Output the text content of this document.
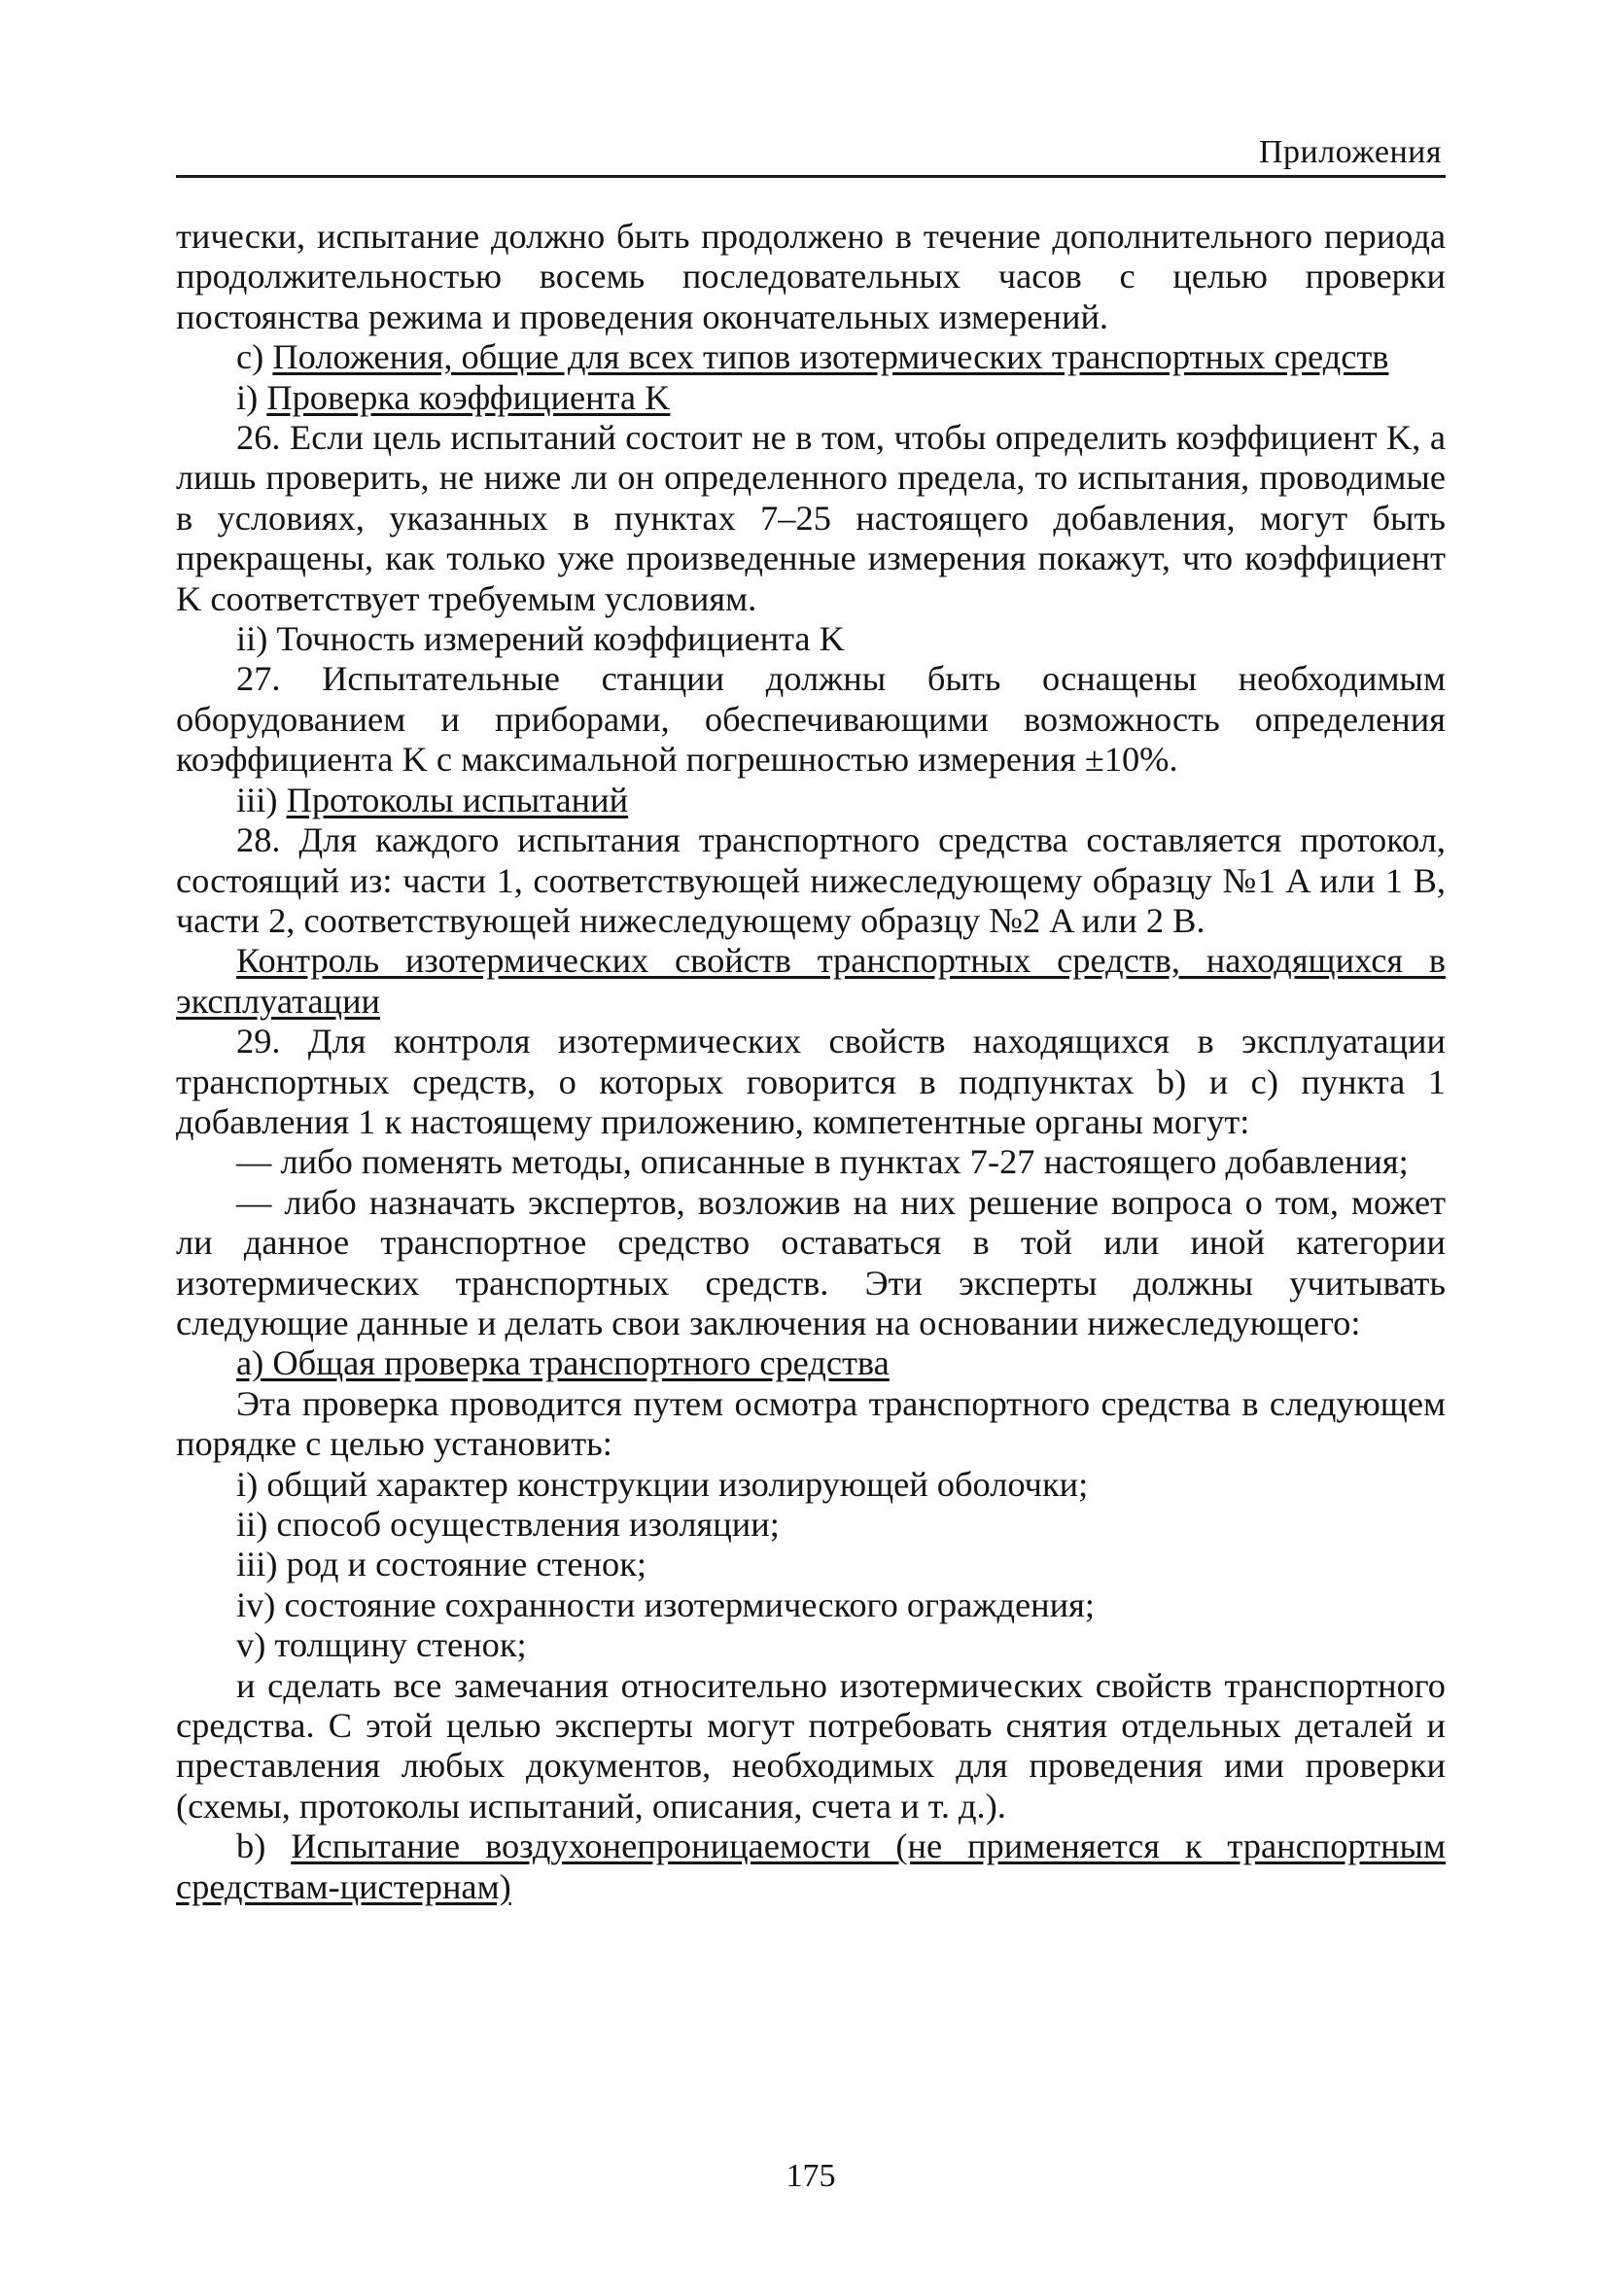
Приложения

тически, испытание должно быть продолжено в течение дополнительного периода продолжительностью восемь последовательных часов с целью проверки постоянства режима и проведения окончательных измерений.

с) Положения, общие для всех типов изотермических транспортных средств

i) Проверка коэффициента K

26. Если цель испытаний состоит не в том, чтобы определить коэффициент K, а лишь проверить, не ниже ли он определенного предела, то испытания, проводимые в условиях, указанных в пунктах 7–25 настоящего добавления, могут быть прекращены, как только уже произведенные измерения покажут, что коэффициент K соответствует требуемым условиям.

ii) Точность измерений коэффициента K

27. Испытательные станции должны быть оснащены необходимым оборудованием и приборами, обеспечивающими возможность определения коэффициента K с максимальной погрешностью измерения ±10%.

iii) Протоколы испытаний

28. Для каждого испытания транспортного средства составляется протокол, состоящий из: части 1, соответствующей нижеследующему образцу №1 A или 1 B, части 2, соответствующей нижеследующему образцу №2 A или 2 B.

Контроль изотермических свойств транспортных средств, находящихся в эксплуатации

29. Для контроля изотермических свойств находящихся в эксплуатации транспортных средств, о которых говорится в подпунктах b) и c) пункта 1 добавления 1 к настоящему приложению, компетентные органы могут:

— либо поменять методы, описанные в пунктах 7-27 настоящего добавления;

— либо назначать экспертов, возложив на них решение вопроса о том, может ли данное транспортное средство оставаться в той или иной категории изотермических транспортных средств. Эти эксперты должны учитывать следующие данные и делать свои заключения на основании нижеследующего:

a) Общая проверка транспортного средства

Эта проверка проводится путем осмотра транспортного средства в следующем порядке с целью установить:

i) общий характер конструкции изолирующей оболочки;

ii) способ осуществления изоляции;

iii) род и состояние стенок;

iv) состояние сохранности изотермического ограждения;

v) толщину стенок;

и сделать все замечания относительно изотермических свойств транспортного средства. С этой целью эксперты могут потребовать снятия отдельных деталей и преставления любых документов, необходимых для проведения ими проверки (схемы, протоколы испытаний, описания, счета и т. д.).

b) Испытание воздухонепроницаемости (не применяется к транспортным средствам-цистернам)

175
